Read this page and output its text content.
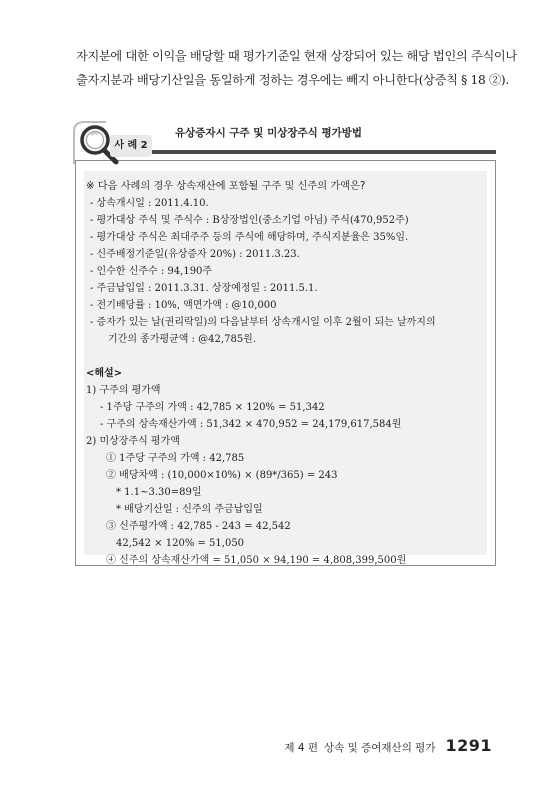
자지분에 대한 이익을 배당할 때 평가기준일 현재 상장되어 있는 해당 법인의 주식이나
출자지분과 배당기산일을 동일하게 정하는 경우에는 빼지 아니한다(상증칙 § 18 ②).
사 례 2
유상증자시 구주 및 미상장주식 평가방법
※ 다음 사례의 경우 상속재산에 포함될 구주 및 신주의 가액은?
- 상속개시일 : 2011.4.10.
- 평가대상 주식 및 주식수 : B상장법인(중소기업 아님) 주식(470,952주)
- 평가대상 주식은 최대주주 등의 주식에 해당하며, 주식지분율은 35%임.
- 신주배정기준일(유상증자 20%) : 2011.3.23.
- 인수한 신주수 : 94,190주
- 주금납입일 : 2011.3.31. 상장예정일 : 2011.5.1.
- 전기배당률 : 10%, 액면가액 : @10,000
- 증자가 있는 날(권리락일)의 다음날부터 상속개시일 이후 2월이 되는 날까지의
기간의 종가평균액 : @42,785원.
<해설>
1) 구주의 평가액
- 1주당 구주의 가액 : 42,785 × 120% = 51,342
- 구주의 상속재산가액 : 51,342 × 470,952 = 24,179,617,584원
2) 미상장주식 평가액
① 1주당 구주의 가액 : 42,785
② 배당차액 : (10,000×10%) × (89*/365) = 243
* 1.1~3.30=89일
* 배당기산일 : 신주의 주금납입일
③ 신주평가액 : 42,785 - 243 = 42,542
42,542 × 120% = 51,050
④ 신주의 상속재산가액 = 51,050 × 94,190 = 4,808,399,500원
제 4 편 상속 및 증여재산의 평가 1291
